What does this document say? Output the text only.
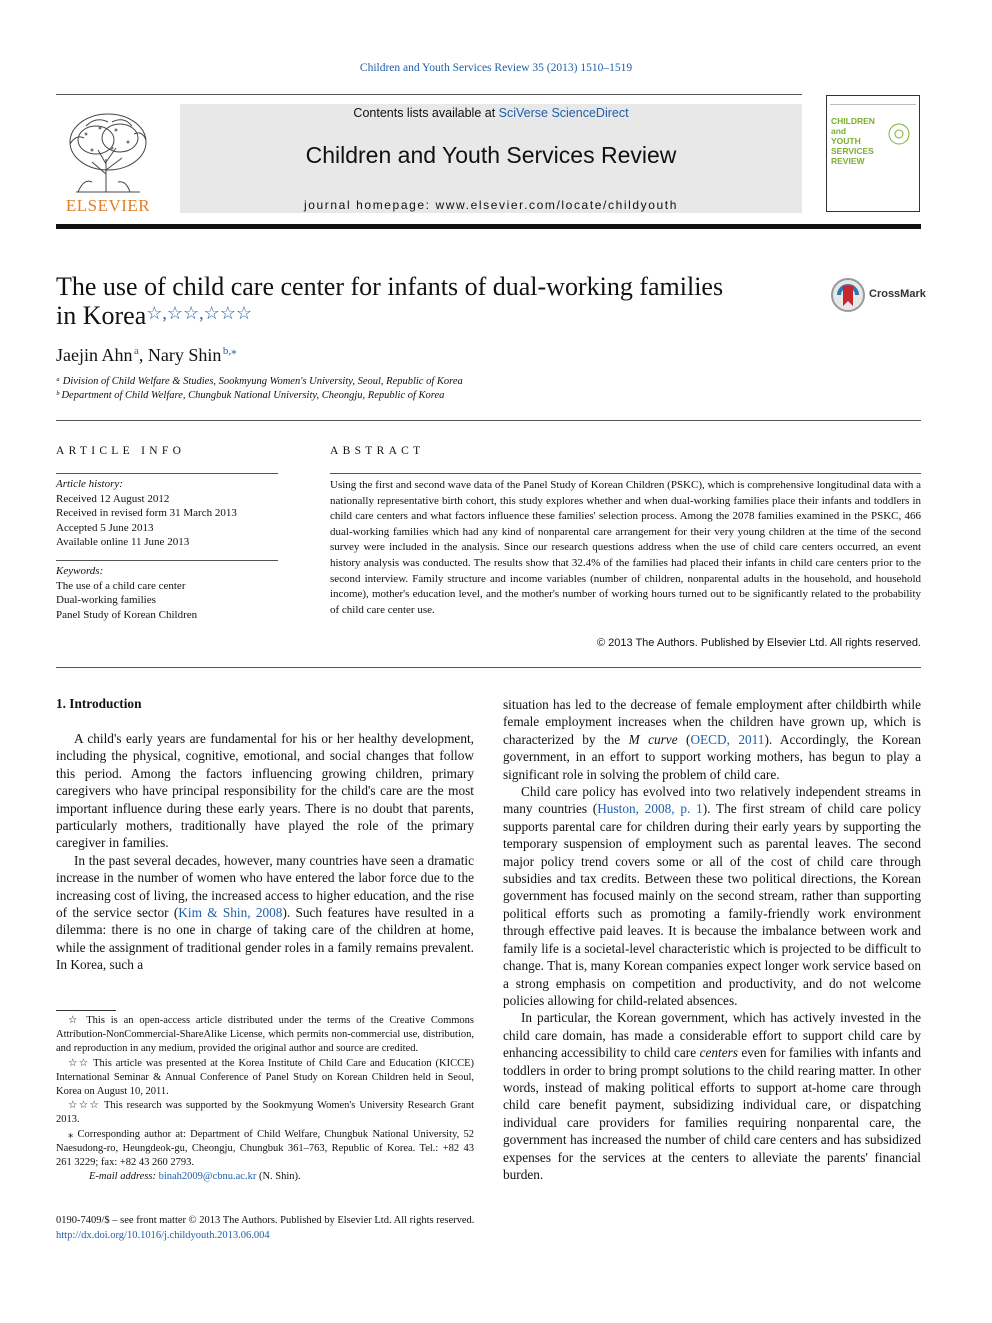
Children and Youth Services Review 35 (2013) 1510–1519
ELSEVIER
Contents lists available at SciVerse ScienceDirect
Children and Youth Services Review
journal homepage: www.elsevier.com/locate/childyouth
CHILDREN
and
YOUTH
SERVICES
REVIEW
The use of child care center for infants of dual-working families
in Korea☆,☆☆,☆☆☆
CrossMark
Jaejin Ahn  $^a$, Nary Shin  $^{b,⁎}$
ᵃ Division of Child Welfare & Studies, Sookmyung Women's University, Seoul, Republic of Korea
ᵇ Department of Child Welfare, Chungbuk National University, Cheongju, Republic of Korea
ARTICLE INFO
Article history:
Received 12 August 2012
Received in revised form 31 March 2013
Accepted 5 June 2013
Available online 11 June 2013
Keywords:
The use of a child care center
Dual-working families
Panel Study of Korean Children
ABSTRACT
Using the first and second wave data of the Panel Study of Korean Children (PSKC), which is comprehensive longitudinal data with a nationally representative birth cohort, this study explores whether and when dual-working families place their infants and toddlers in child care centers and what factors influence these families' selection process. Among the 2078 families examined in the PSKC, 466 dual-working families which had any kind of nonparental care arrangement for their very young children at the time of the second survey were included in the analysis. Since our research questions address when the use of child care centers occurred, an event history analysis was conducted. The results show that 32.4% of the families had placed their infants in child care centers prior to the second interview. Family structure and income variables (number of children, nonparental adults in the household, and household income), mother's education level, and the mother's number of working hours turned out to be significantly related to the probability of child care center use.
© 2013 The Authors. Published by Elsevier Ltd. All rights reserved.
1. Introduction

A child's early years are fundamental for his or her healthy development, including the physical, cognitive, emotional, and social changes that follow this period. Among the factors influencing growing children, primary caregivers who have principal responsibility for the child's care are the most important influence during these early years. There is no doubt that parents, particularly mothers, traditionally have played the role of the primary caregiver in families.

In the past several decades, however, many countries have seen a dramatic increase in the number of women who have entered the labor force due to the increasing cost of living, the increased access to higher education, and the rise of the service sector (Kim & Shin, 2008). Such features have resulted in a dilemma: there is no one in charge of taking care of the children at home, while the assignment of traditional gender roles in a family remains prevalent. In Korea, such a

☆ This is an open-access article distributed under the terms of the Creative Commons Attribution-NonCommercial-ShareAlike License, which permits non-commercial use, distribution, and reproduction in any medium, provided the original author and source are credited.

☆☆ This article was presented at the Korea Institute of Child Care and Education (KICCE) International Seminar & Annual Conference of Panel Study on Korean Children held in Seoul, Korea on August 10, 2011.

☆☆☆ This research was supported by the Sookmyung Women's University Research Grant 2013.

⁎ Corresponding author at: Department of Child Welfare, Chungbuk National University, 52 Naesudong-ro, Heungdeok-gu, Cheongju, Chungbuk 361–763, Republic of Korea. Tel.: +82 43 261 3229; fax: +82 43 260 2793.

E-mail address: binah2009@cbnu.ac.kr (N. Shin).

situation has led to the decrease of female employment after childbirth while female employment increases when the children have grown up, which is characterized by the M curve (OECD, 2011). Accordingly, the Korean government, in an effort to support working mothers, has begun to play a significant role in solving the problem of child care.

Child care policy has evolved into two relatively independent streams in many countries (Huston, 2008, p. 1). The first stream of child care policy supports parental care for children during their early years by supporting the temporary suspension of employment such as parental leaves. The second major policy trend covers some or all of the cost of child care through subsidies and tax credits. Between these two political directions, the Korean government has focused mainly on the second stream, rather than supporting political efforts such as promoting a family-friendly work environment through effective paid leaves. It is because the imbalance between work and family life is a societal-level characteristic which is projected to be difficult to change. That is, many Korean companies expect longer work service based on a strong emphasis on competition and productivity, and do not welcome policies allowing for child-related absences.

In particular, the Korean government, which has actively invested in the child care domain, has made a considerable effort to support child care by enhancing accessibility to child care centers even for families with infants and toddlers in order to bring prompt solutions to the child rearing matter. In other words, instead of making political efforts to support at-home care through child care benefit payment, subsidizing individual care, or dispatching individual care providers for families requiring nonparental care, the government has increased the number of child care centers and has subsidized expenses for the services at the centers to alleviate the parents' financial burden.

0190-7409/$ – see front matter © 2013 The Authors. Published by Elsevier Ltd. All rights reserved.
http://dx.doi.org/10.1016/j.childyouth.2013.06.004
